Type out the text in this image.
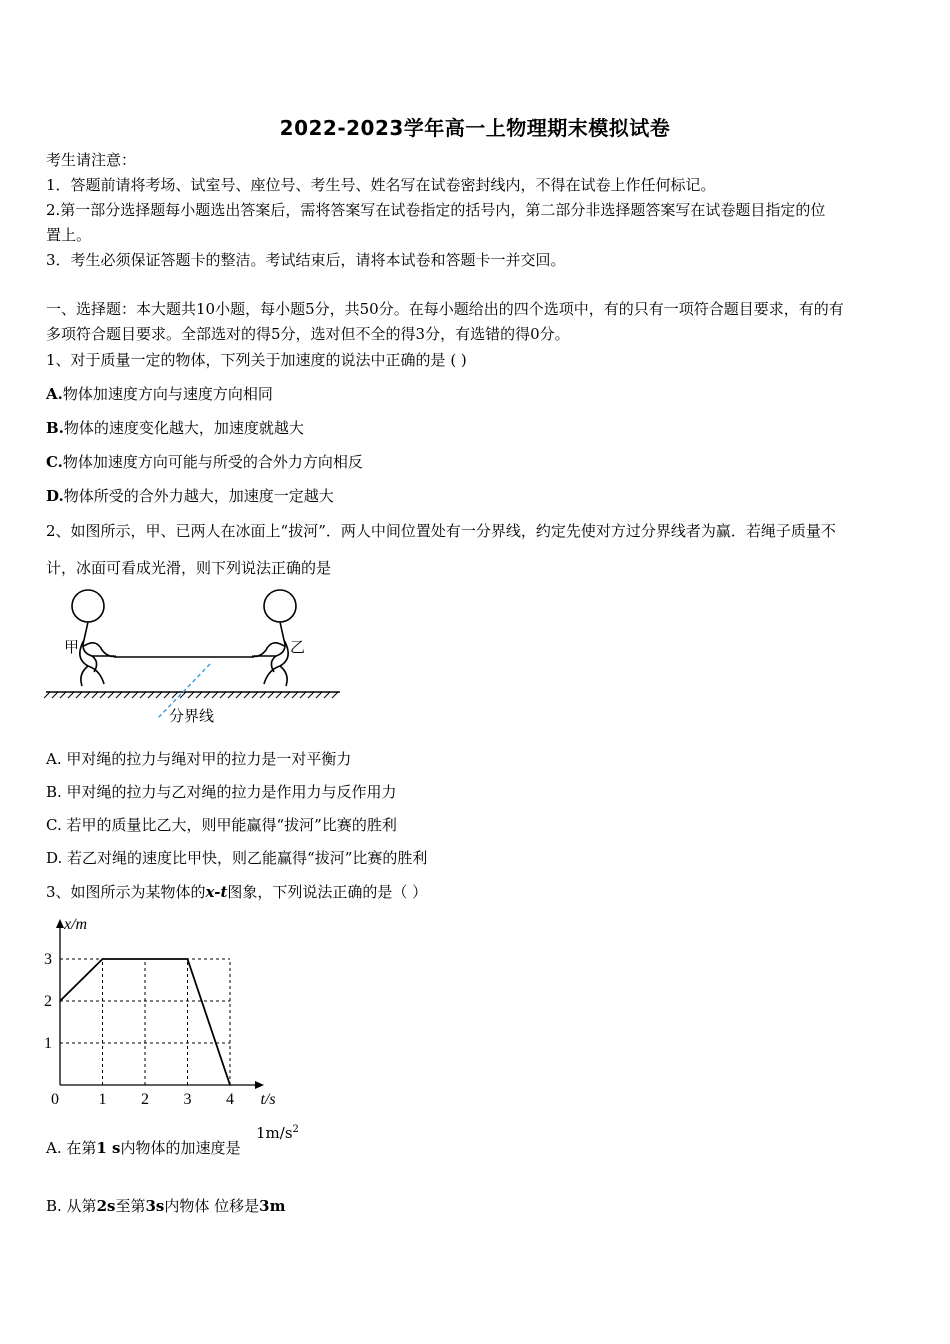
2022-2023学年高一上物理期末模拟试卷
考生请注意：
1．答题前请将考场、试室号、座位号、考生号、姓名写在试卷密封线内，不得在试卷上作任何标记。
2.第一部分选择题每小题选出答案后，需将答案写在试卷指定的括号内，第二部分非选择题答案写在试卷题目指定的位
置上。
3．考生必须保证答题卡的整洁。考试结束后，请将本试卷和答题卡一并交回。
一、选择题：本大题共10小题，每小题5分，共50分。在每小题给出的四个选项中，有的只有一项符合题目要求，有的有
多项符合题目要求。全部选对的得5分，选对但不全的得3分，有选错的得0分。
1、对于质量一定的物体，下列关于加速度的说法中正确的是 ( )
A.物体加速度方向与速度方向相同
B.物体的速度变化越大，加速度就越大
C.物体加速度方向可能与所受的合外力方向相反
D.物体所受的合外力越大，加速度一定越大
2、如图所示，甲、已两人在冰面上“拔河”．两人中间位置处有一分界线，约定先使对方过分界线者为赢．若绳子质量不
计，冰面可看成光滑，则下列说法正确的是
甲	乙
分界线
A. 甲对绳的拉力与绳对甲的拉力是一对平衡力
B. 甲对绳的拉力与乙对绳的拉力是作用力与反作用力
C. 若甲的质量比乙大，则甲能赢得“拔河”比赛的胜利
D. 若乙对绳的速度比甲快，则乙能赢得“拔河”比赛的胜利
3、如图所示为某物体的x-t图象，下列说法正确的是（ ）
0 1 2 3 4
1
2
3
t/s
x/m
A. 在第1 s内物体的加速度是
$1m/s^2$
B. 从第2s至第3s内物体 位移是3m
